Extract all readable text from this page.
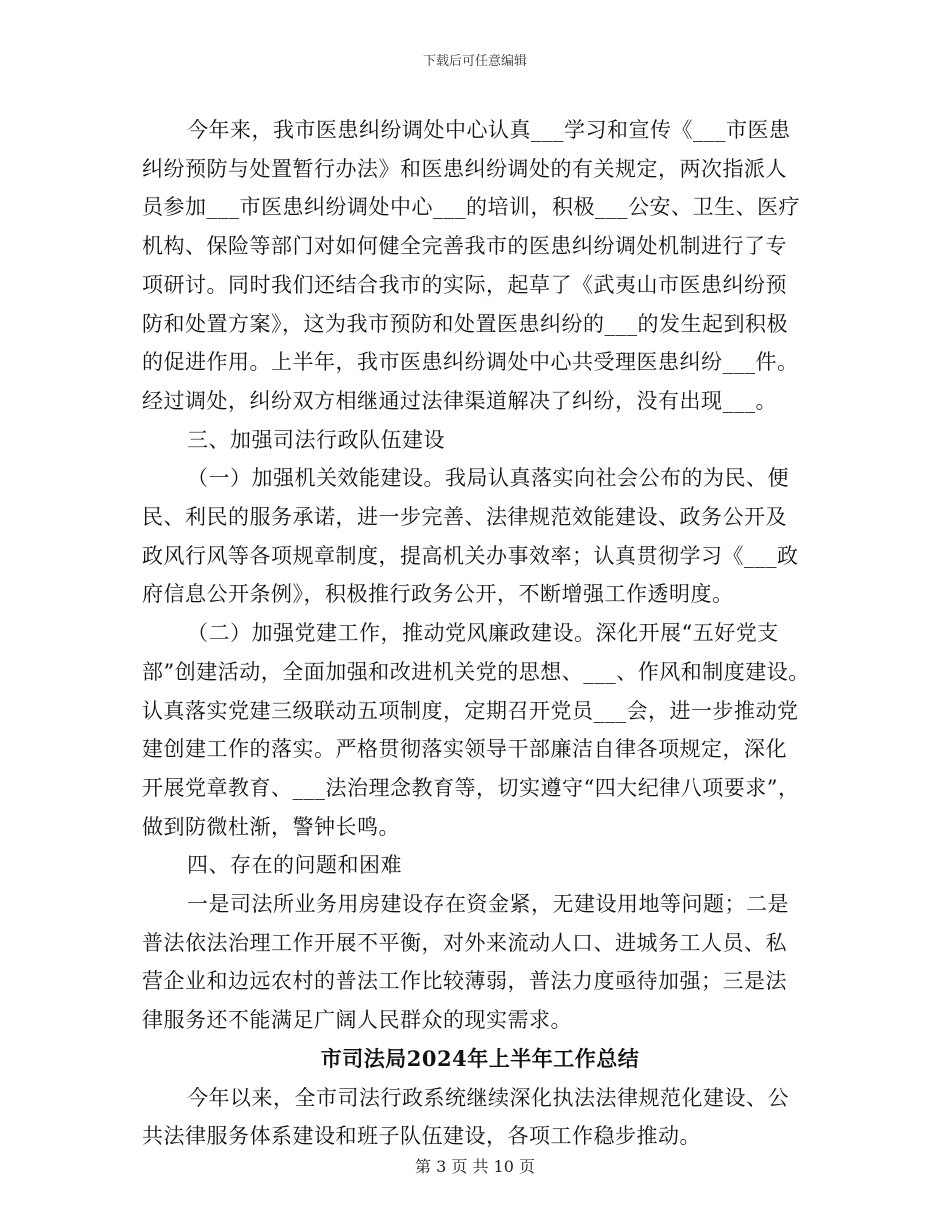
下载后可任意编辑

今年来，我市医患纠纷调处中心认真___学习和宣传《___市医患

纠纷预防与处置暂行办法》和医患纠纷调处的有关规定，两次指派人

员参加___市医患纠纷调处中心___的培训，积极___公安、卫生、医疗

机构、保险等部门对如何健全完善我市的医患纠纷调处机制进行了专

项研讨。同时我们还结合我市的实际，起草了《武夷山市医患纠纷预

防和处置方案》，这为我市预防和处置医患纠纷的___的发生起到积极

的促进作用。上半年，我市医患纠纷调处中心共受理医患纠纷___件。

经过调处，纠纷双方相继通过法律渠道解决了纠纷，没有出现___。

三、加强司法行政队伍建设

（一）加强机关效能建设。我局认真落实向社会公布的为民、便

民、利民的服务承诺，进一步完善、法律规范效能建设、政务公开及

政风行风等各项规章制度，提高机关办事效率；认真贯彻学习《___政

府信息公开条例》，积极推行政务公开，不断增强工作透明度。

（二）加强党建工作，推动党风廉政建设。深化开展“五好党支

部”创建活动，全面加强和改进机关党的思想、___、作风和制度建设。

认真落实党建三级联动五项制度，定期召开党员___会，进一步推动党

建创建工作的落实。严格贯彻落实领导干部廉洁自律各项规定，深化

开展党章教育、___法治理念教育等，切实遵守“四大纪律八项要求”，

做到防微杜渐，警钟长鸣。

四、存在的问题和困难

一是司法所业务用房建设存在资金紧，无建设用地等问题；二是

普法依法治理工作开展不平衡，对外来流动人口、进城务工人员、私

营企业和边远农村的普法工作比较薄弱，普法力度亟待加强；三是法

律服务还不能满足广阔人民群众的现实需求。

市司法局2024年上半年工作总结

今年以来，全市司法行政系统继续深化执法法律规范化建设、公

共法律服务体系建设和班子队伍建设，各项工作稳步推动。

第 3 页 共 10 页
